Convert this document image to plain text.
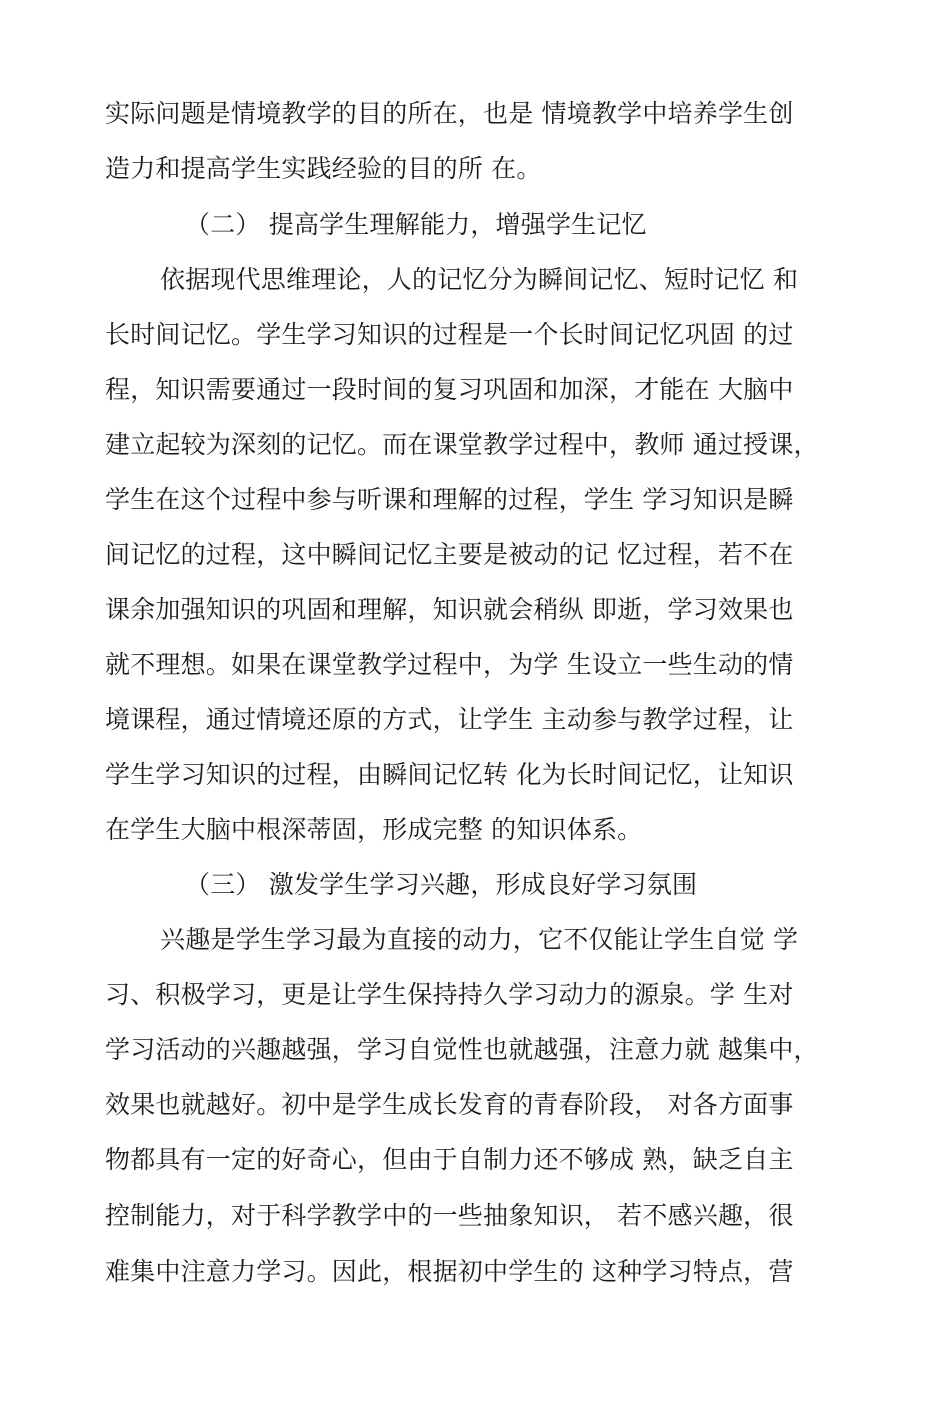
实际问题是情境教学的目的所在，也是 情境教学中培养学生创
造力和提高学生实践经验的目的所 在。
（二） 提高学生理解能力，增强学生记忆
依据现代思维理论，人的记忆分为瞬间记忆、短时记忆 和
长时间记忆。学生学习知识的过程是一个长时间记忆巩固 的过
程，知识需要通过一段时间的复习巩固和加深，才能在 大脑中
建立起较为深刻的记忆。而在课堂教学过程中，教师 通过授课，
学生在这个过程中参与听课和理解的过程，学生 学习知识是瞬
间记忆的过程，这中瞬间记忆主要是被动的记 忆过程，若不在
课余加强知识的巩固和理解，知识就会稍纵 即逝，学习效果也
就不理想。如果在课堂教学过程中，为学 生设立一些生动的情
境课程，通过情境还原的方式，让学生 主动参与教学过程，让
学生学习知识的过程，由瞬间记忆转 化为长时间记忆，让知识
在学生大脑中根深蒂固，形成完整 的知识体系。
（三） 激发学生学习兴趣，形成良好学习氛围
兴趣是学生学习最为直接的动力，它不仅能让学生自觉 学
习、积极学习，更是让学生保持持久学习动力的源泉。学 生对
学习活动的兴趣越强，学习自觉性也就越强，注意力就 越集中，
效果也就越好。初中是学生成长发育的青春阶段， 对各方面事
物都具有一定的好奇心，但由于自制力还不够成 熟，缺乏自主
控制能力，对于科学教学中的一些抽象知识， 若不感兴趣，很
难集中注意力学习。因此，根据初中学生的 这种学习特点，营
